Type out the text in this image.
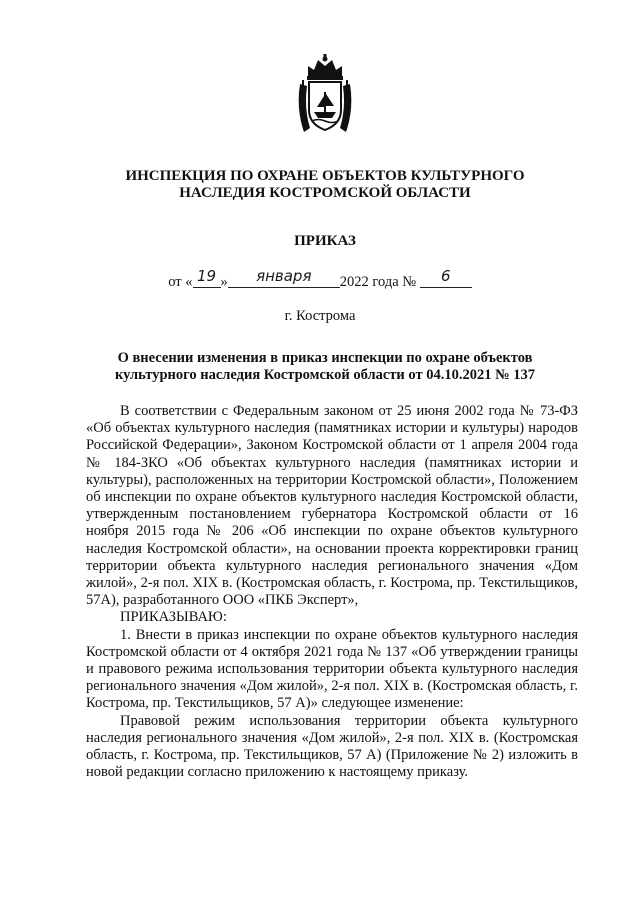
ИНСПЕКЦИЯ ПО ОХРАНЕ ОБЪЕКТОВ КУЛЬТУРНОГО
НАСЛЕДИЯ КОСТРОМСКОЙ ОБЛАСТИ
ПРИКАЗ
от « 19 » января 2022 года № 6
г. Кострома
О внесении изменения в приказ инспекции по охране объектов
культурного наследия Костромской области от 04.10.2021 № 137

В соответствии с Федеральным законом от 25 июня 2002 года № 73-ФЗ «Об объектах культурного наследия (памятниках истории и культуры) народов Российской Федерации», Законом Костромской области от 1 апреля 2004 года № 184-ЗКО «Об объектах культурного наследия (памятниках истории и культуры), расположенных на территории Костромской области», Положением об инспекции по охране объектов культурного наследия Костромской области, утвержденным постановлением губернатора Костромской области от 16 ноября 2015 года № 206 «Об инспекции по охране объектов культурного наследия Костромской области», на основании проекта корректировки границ территории объекта культурного наследия регионального значения «Дом жилой», 2-я пол. XIX в. (Костромская область, г. Кострома, пр. Текстильщиков, 57А), разработанного ООО «ПКБ Эксперт»,

ПРИКАЗЫВАЮ:

1. Внести в приказ инспекции по охране объектов культурного наследия Костромской области от 4 октября 2021 года № 137 «Об утверждении границы и правового режима использования территории объекта культурного наследия регионального значения «Дом жилой», 2-я пол. XIX в. (Костромская область, г. Кострома, пр. Текстильщиков, 57 А)» следующее изменение:

Правовой режим использования территории объекта культурного наследия регионального значения «Дом жилой», 2-я пол. XIX в. (Костромская область, г. Кострома, пр. Текстильщиков, 57 А) (Приложение № 2) изложить в новой редакции согласно приложению к настоящему приказу.
